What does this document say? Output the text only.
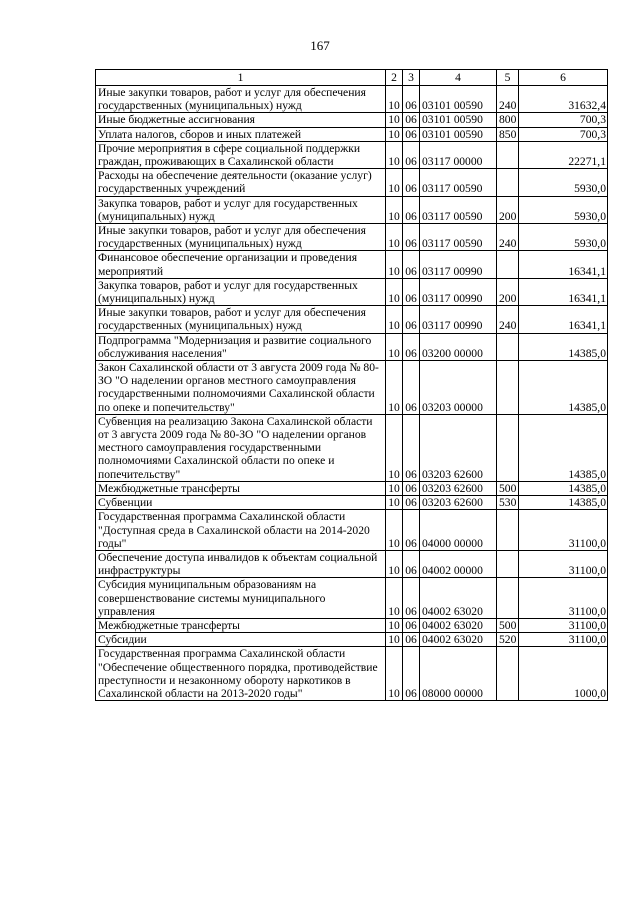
167
1	2	3	4	5	6
Иные закупки товаров, работ и услуг для обеспечения государственных (муниципальных) нужд	10	06	03101 00590	240	31632,4
Иные бюджетные ассигнования	10	06	03101 00590	800	700,3
Уплата налогов, сборов и иных платежей	10	06	03101 00590	850	700,3
Прочие мероприятия в сфере социальной поддержки граждан, проживающих в Сахалинской области	10	06	03117 00000		22271,1
Расходы на обеспечение деятельности (оказание услуг) государственных учреждений	10	06	03117 00590		5930,0
Закупка товаров, работ и услуг для государственных (муниципальных) нужд	10	06	03117 00590	200	5930,0
Иные закупки товаров, работ и услуг для обеспечения государственных (муниципальных) нужд	10	06	03117 00590	240	5930,0
Финансовое обеспечение организации и проведения мероприятий	10	06	03117 00990		16341,1
Закупка товаров, работ и услуг для государственных (муниципальных) нужд	10	06	03117 00990	200	16341,1
Иные закупки товаров, работ и услуг для обеспечения государственных (муниципальных) нужд	10	06	03117 00990	240	16341,1
Подпрограмма "Модернизация и развитие социального обслуживания населения"	10	06	03200 00000		14385,0
Закон Сахалинской области от 3 августа 2009 года № 80-ЗО "О наделении органов местного самоуправления государственными полномочиями Сахалинской области по опеке и попечительству"	10	06	03203 00000		14385,0
Субвенция на реализацию Закона Сахалинской области от 3 августа 2009 года № 80-ЗО "О наделении органов местного самоуправления государственными полномочиями Сахалинской области по опеке и попечительству"	10	06	03203 62600		14385,0
Межбюджетные трансферты	10	06	03203 62600	500	14385,0
Субвенции	10	06	03203 62600	530	14385,0
Государственная программа Сахалинской области "Доступная среда в Сахалинской области на 2014-2020 годы"	10	06	04000 00000		31100,0
Обеспечение доступа инвалидов к объектам социальной инфраструктуры	10	06	04002 00000		31100,0
Субсидия муниципальным образованиям на совершенствование системы муниципального управления	10	06	04002 63020		31100,0
Межбюджетные трансферты	10	06	04002 63020	500	31100,0
Субсидии	10	06	04002 63020	520	31100,0
Государственная программа Сахалинской области "Обеспечение общественного порядка, противодействие преступности и незаконному обороту наркотиков в Сахалинской области на 2013-2020 годы"	10	06	08000 00000		1000,0
